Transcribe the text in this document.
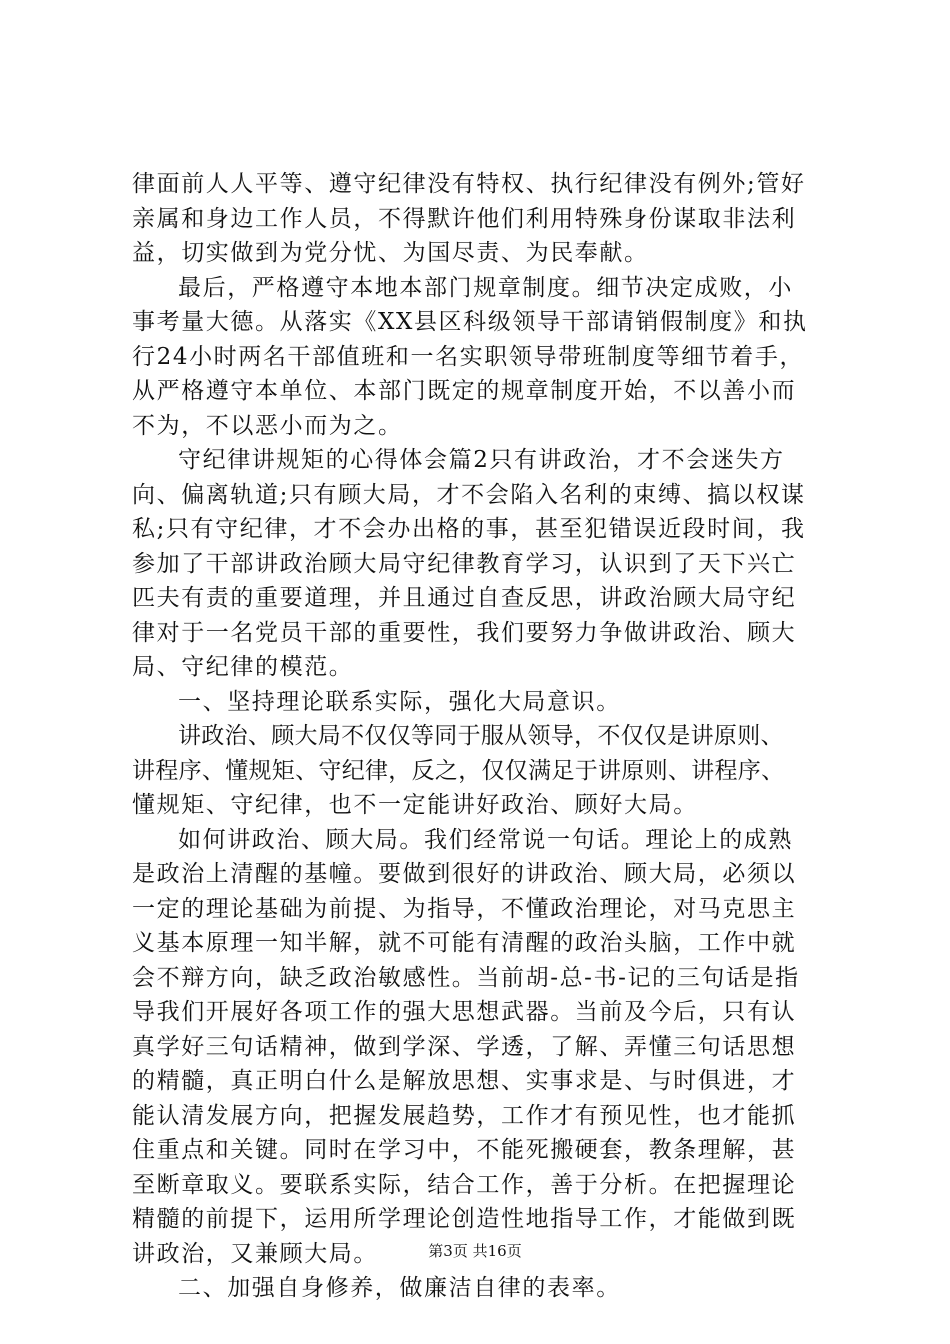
律面前人人平等、遵守纪律没有特权、执行纪律没有例外;管好
亲属和身边工作人员，不得默许他们利用特殊身份谋取非法利
益，切实做到为党分忧、为国尽责、为民奉献。
最后，严格遵守本地本部门规章制度。细节决定成败，小
事考量大德。从落实《XX县区科级领导干部请销假制度》和执
行24小时两名干部值班和一名实职领导带班制度等细节着手，
从严格遵守本单位、本部门既定的规章制度开始，不以善小而
不为，不以恶小而为之。
守纪律讲规矩的心得体会篇2只有讲政治，才不会迷失方
向、偏离轨道;只有顾大局，才不会陷入名利的束缚、搞以权谋
私;只有守纪律，才不会办出格的事，甚至犯错误近段时间，我
参加了干部讲政治顾大局守纪律教育学习，认识到了天下兴亡
匹夫有责的重要道理，并且通过自查反思，讲政治顾大局守纪
律对于一名党员干部的重要性，我们要努力争做讲政治、顾大
局、守纪律的模范。
一、坚持理论联系实际，强化大局意识。
讲政治、顾大局不仅仅等同于服从领导，不仅仅是讲原则、
讲程序、懂规矩、守纪律，反之，仅仅满足于讲原则、讲程序、
懂规矩、守纪律，也不一定能讲好政治、顾好大局。
如何讲政治、顾大局。我们经常说一句话。理论上的成熟
是政治上清醒的基幢。要做到很好的讲政治、顾大局，必须以
一定的理论基础为前提、为指导，不懂政治理论，对马克思主
义基本原理一知半解，就不可能有清醒的政治头脑，工作中就
会不辩方向，缺乏政治敏感性。当前胡-总-书-记的三句话是指
导我们开展好各项工作的强大思想武器。当前及今后，只有认
真学好三句话精神，做到学深、学透，了解、弄懂三句话思想
的精髓，真正明白什么是解放思想、实事求是、与时俱进，才
能认清发展方向，把握发展趋势，工作才有预见性，也才能抓
住重点和关键。同时在学习中，不能死搬硬套，教条理解，甚
至断章取义。要联系实际，结合工作，善于分析。在把握理论
精髓的前提下，运用所学理论创造性地指导工作，才能做到既
讲政治，又兼顾大局。
二、加强自身修养，做廉洁自律的表率。
第3页 共16页
